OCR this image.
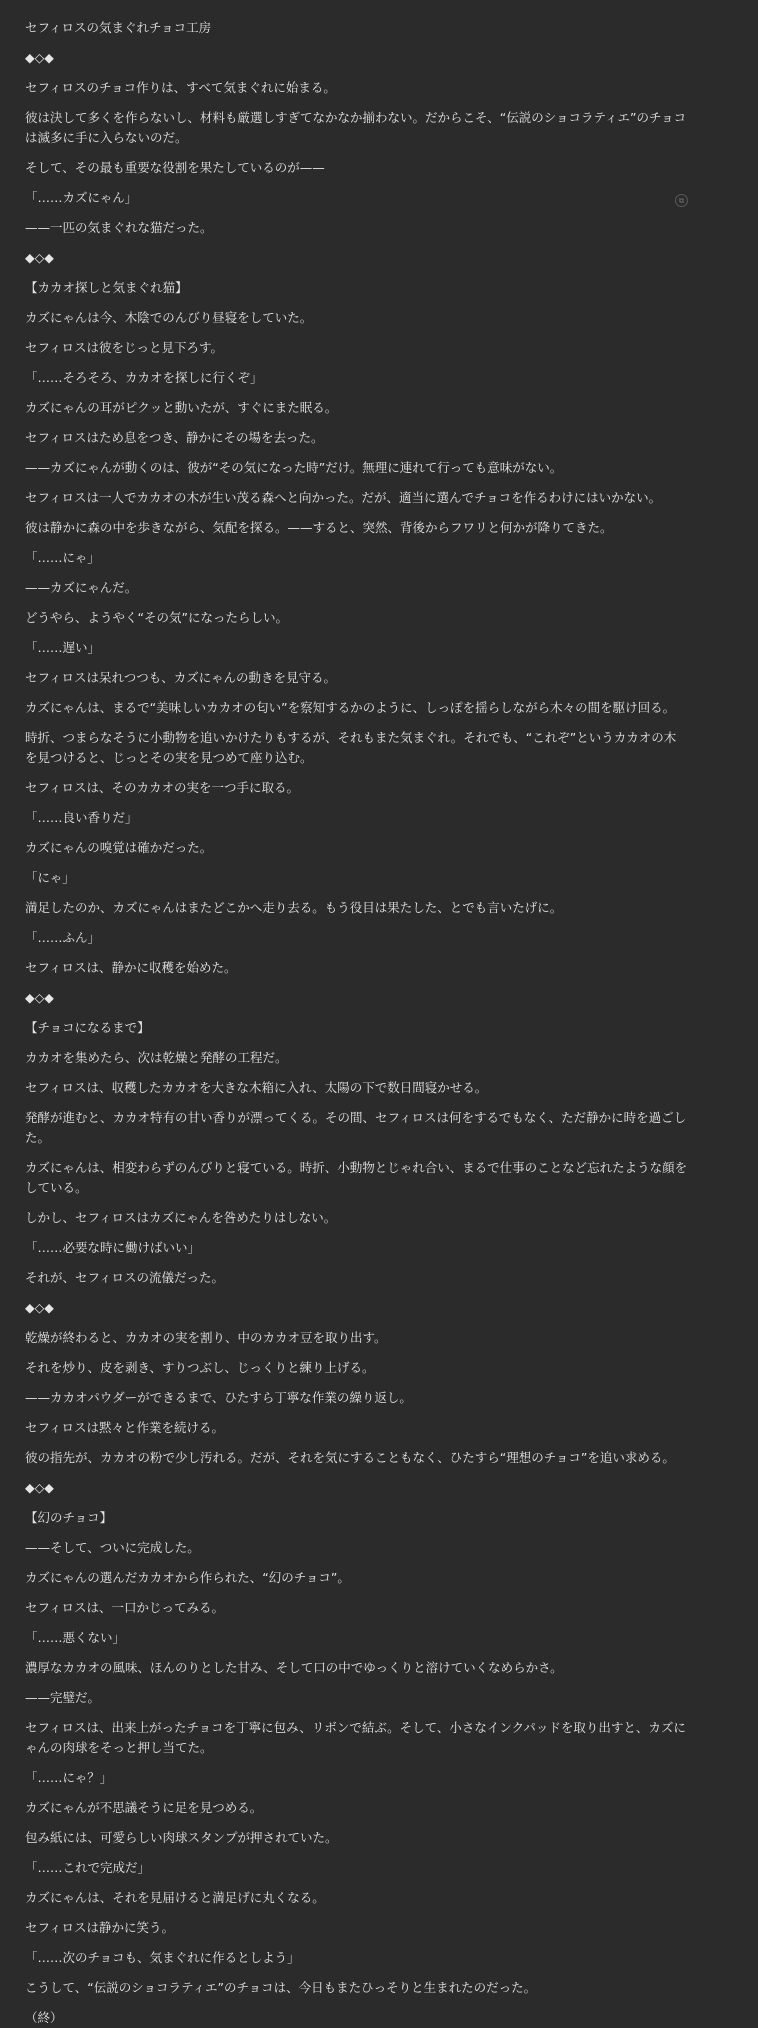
⧉

セフィロスの気まぐれチョコ工房

◆◇◆

セフィロスのチョコ作りは、すべて気まぐれに始まる。

彼は決して多くを作らないし、材料も厳選しすぎてなかなか揃わない。だからこそ、“伝説のショコラティエ”のチョコは滅多に手に入らないのだ。

そして、その最も重要な役割を果たしているのが——

「……カズにゃん」

——一匹の気まぐれな猫だった。

◆◇◆

【カカオ探しと気まぐれ猫】

カズにゃんは今、木陰でのんびり昼寝をしていた。

セフィロスは彼をじっと見下ろす。

「……そろそろ、カカオを探しに行くぞ」

カズにゃんの耳がピクッと動いたが、すぐにまた眠る。

セフィロスはため息をつき、静かにその場を去った。

——カズにゃんが動くのは、彼が“その気になった時”だけ。無理に連れて行っても意味がない。

セフィロスは一人でカカオの木が生い茂る森へと向かった。だが、適当に選んでチョコを作るわけにはいかない。

彼は静かに森の中を歩きながら、気配を探る。——すると、突然、背後からフワリと何かが降りてきた。

「……にゃ」

——カズにゃんだ。

どうやら、ようやく“その気”になったらしい。

「……遅い」

セフィロスは呆れつつも、カズにゃんの動きを見守る。

カズにゃんは、まるで“美味しいカカオの匂い”を察知するかのように、しっぽを揺らしながら木々の間を駆け回る。

時折、つまらなそうに小動物を追いかけたりもするが、それもまた気まぐれ。それでも、“これぞ”というカカオの木を見つけると、じっとその実を見つめて座り込む。

セフィロスは、そのカカオの実を一つ手に取る。

「……良い香りだ」

カズにゃんの嗅覚は確かだった。

「にゃ」

満足したのか、カズにゃんはまたどこかへ走り去る。もう役目は果たした、とでも言いたげに。

「……ふん」

セフィロスは、静かに収穫を始めた。

◆◇◆

【チョコになるまで】

カカオを集めたら、次は乾燥と発酵の工程だ。

セフィロスは、収穫したカカオを大きな木箱に入れ、太陽の下で数日間寝かせる。

発酵が進むと、カカオ特有の甘い香りが漂ってくる。その間、セフィロスは何をするでもなく、ただ静かに時を過ごした。

カズにゃんは、相変わらずのんびりと寝ている。時折、小動物とじゃれ合い、まるで仕事のことなど忘れたような顔をしている。

しかし、セフィロスはカズにゃんを咎めたりはしない。

「……必要な時に働けばいい」

それが、セフィロスの流儀だった。

◆◇◆

乾燥が終わると、カカオの実を割り、中のカカオ豆を取り出す。

それを炒り、皮を剥き、すりつぶし、じっくりと練り上げる。

——カカオパウダーができるまで、ひたすら丁寧な作業の繰り返し。

セフィロスは黙々と作業を続ける。

彼の指先が、カカオの粉で少し汚れる。だが、それを気にすることもなく、ひたすら“理想のチョコ”を追い求める。

◆◇◆

【幻のチョコ】

——そして、ついに完成した。

カズにゃんの選んだカカオから作られた、“幻のチョコ”。

セフィロスは、一口かじってみる。

「……悪くない」

濃厚なカカオの風味、ほんのりとした甘み、そして口の中でゆっくりと溶けていくなめらかさ。

——完璧だ。

セフィロスは、出来上がったチョコを丁寧に包み、リボンで結ぶ。そして、小さなインクパッドを取り出すと、カズにゃんの肉球をそっと押し当てた。

「……にゃ？」

カズにゃんが不思議そうに足を見つめる。

包み紙には、可愛らしい肉球スタンプが押されていた。

「……これで完成だ」

カズにゃんは、それを見届けると満足げに丸くなる。

セフィロスは静かに笑う。

「……次のチョコも、気まぐれに作るとしよう」

こうして、“伝説のショコラティエ”のチョコは、今日もまたひっそりと生まれたのだった。

（終）
